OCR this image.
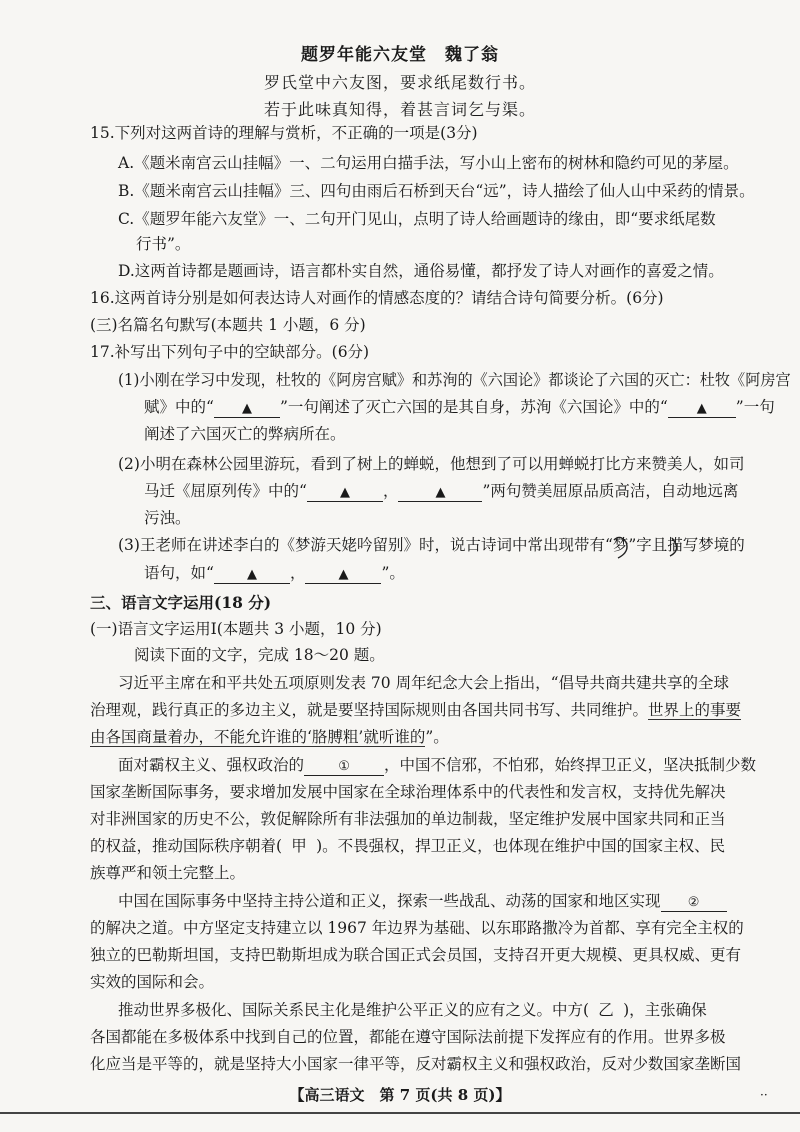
题罗年能六友堂　魏了翁
罗氏堂中六友图，要求纸尾数行书。
若于此味真知得，着甚言词乞与渠。
15.下列对这两首诗的理解与赏析，不正确的一项是(3分)
A.《题米南宫云山挂幅》一、二句运用白描手法，写小山上密布的树林和隐约可见的茅屋。
B.《题米南宫云山挂幅》三、四句由雨后石桥到天台“远”，诗人描绘了仙人山中采药的情景。
C.《题罗年能六友堂》一、二句开门见山，点明了诗人给画题诗的缘由，即“要求纸尾数
行书”。
D.这两首诗都是题画诗，语言都朴实自然，通俗易懂，都抒发了诗人对画作的喜爱之情。
16.这两首诗分别是如何表达诗人对画作的情感态度的？请结合诗句简要分析。(6分)
(三)名篇名句默写(本题共 1 小题，6 分)
17.补写出下列句子中的空缺部分。(6分)
(1)小刚在学习中发现，杜牧的《阿房宫赋》和苏洵的《六国论》都谈论了六国的灭亡：杜牧《阿房宫
赋》中的“ ▲ ”一句阐述了灭亡六国的是其自身，苏洵《六国论》中的“ ▲ ”一句
阐述了六国灭亡的弊病所在。
(2)小明在森林公园里游玩，看到了树上的蝉蜕，他想到了可以用蝉蜕打比方来赞美人，如司
马迁《屈原列传》中的“	▲ ，	▲ ”两句赞美屈原品质高洁，自动地远离
污浊。
(3)王老师在讲述李白的《梦游天姥吟留别》时，说古诗词中常出现带有“梦”字且描写梦境的
语句，如“	▲ ，	▲ ”。
三、语言文字运用(18 分)
(一)语言文字运用Ⅰ(本题共 3 小题，10 分)
阅读下面的文字，完成 18～20 题。
习近平主席在和平共处五项原则发表 70 周年纪念大会上指出，“倡导共商共建共享的全球
治理观，践行真正的多边主义，就是要坚持国际规则由各国共同书写、共同维护。世界上的事要
由各国商量着办，不能允许谁的‘胳膊粗’就听谁的”。
面对霸权主义、强权政治的	① ，中国不信邪，不怕邪，始终捍卫正义，坚决抵制少数
国家垄断国际事务，要求增加发展中国家在全球治理体系中的代表性和发言权，支持优先解决
对非洲国家的历史不公，敦促解除所有非法强加的单边制裁，坚定维护发展中国家共同和正当
的权益，推动国际秩序朝着( 甲 )。不畏强权，捍卫正义，也体现在维护中国的国家主权、民
族尊严和领土完整上。
中国在国际事务中坚持主持公道和正义，探索一些战乱、动荡的国家和地区实现 ②
的解决之道。中方坚定支持建立以 1967 年边界为基础、以东耶路撒冷为首都、享有完全主权的
独立的巴勒斯坦国，支持巴勒斯坦成为联合国正式会员国，支持召开更大规模、更具权威、更有
实效的国际和会。
推动世界多极化、国际关系民主化是维护公平正义的应有之义。中方( 乙 )，主张确保
各国都能在多极体系中找到自己的位置，都能在遵守国际法前提下发挥应有的作用。世界多极
化应当是平等的，就是坚持大小国家一律平等，反对霸权主义和强权政治，反对少数国家垄断国
【高三语文　第 7 页(共 8 页)】	··
